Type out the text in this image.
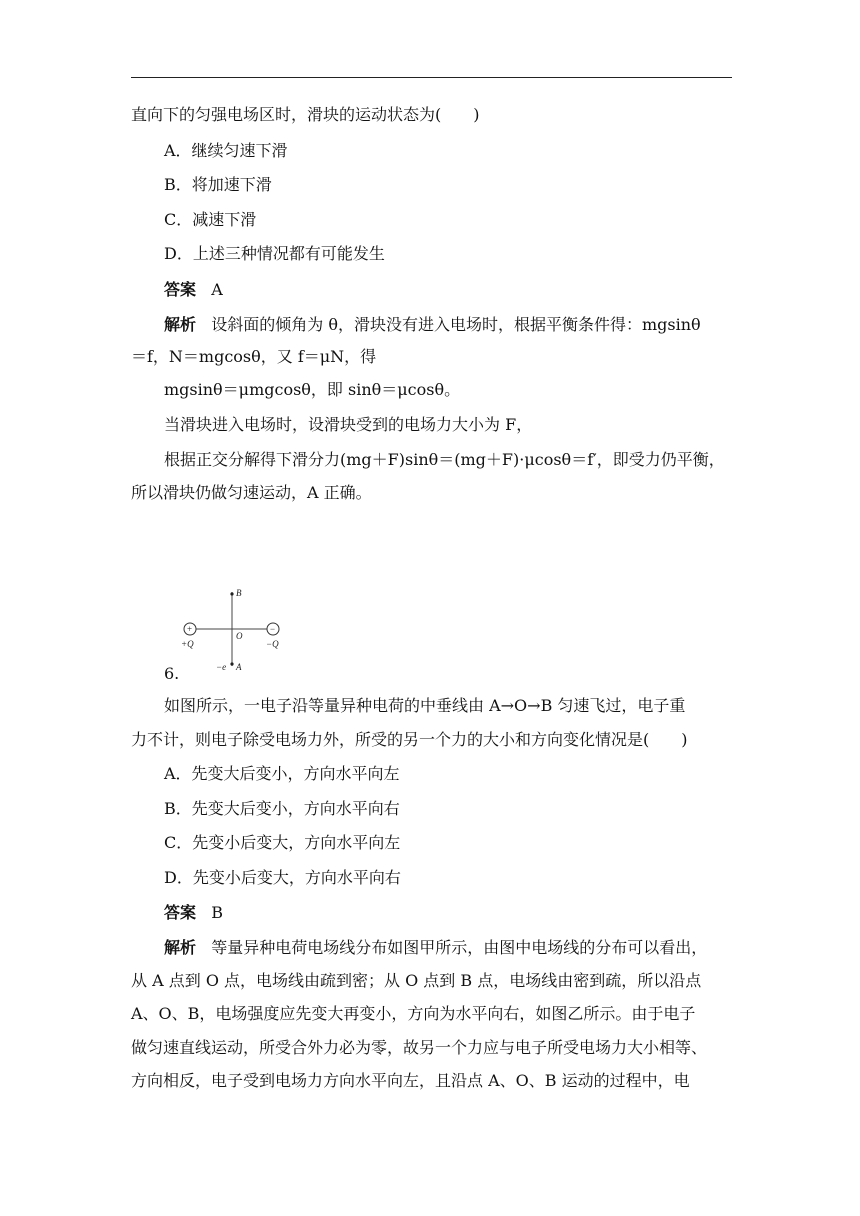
直向下的匀强电场区时，滑块的运动状态为(　　)
A．继续匀速下滑
B．将加速下滑
C．减速下滑
D．上述三种情况都有可能发生
答案 A
解析 设斜面的倾角为 θ，滑块没有进入电场时，根据平衡条件得：mgsinθ
＝f，N＝mgcosθ，又 f＝μN，得
mgsinθ＝μmgcosθ，即 sinθ＝μcosθ。
当滑块进入电场时，设滑块受到的电场力大小为 F，
根据正交分解得下滑分力(mg＋F)sinθ＝(mg＋F)·μcosθ＝f′，即受力仍平衡，
所以滑块仍做匀速运动，A 正确。
+	−
B
O
A
−e
+Q	−Q
6.
如图所示，一电子沿等量异种电荷的中垂线由 A→O→B 匀速飞过，电子重
力不计，则电子除受电场力外，所受的另一个力的大小和方向变化情况是(　　)
A．先变大后变小，方向水平向左
B．先变大后变小，方向水平向右
C．先变小后变大，方向水平向左
D．先变小后变大，方向水平向右
答案 B
解析 等量异种电荷电场线分布如图甲所示，由图中电场线的分布可以看出，
从 A 点到 O 点，电场线由疏到密；从 O 点到 B 点，电场线由密到疏，所以沿点
A、O、B，电场强度应先变大再变小，方向为水平向右，如图乙所示。由于电子
做匀速直线运动，所受合外力必为零，故另一个力应与电子所受电场力大小相等、
方向相反，电子受到电场力方向水平向左，且沿点 A、O、B 运动的过程中，电
